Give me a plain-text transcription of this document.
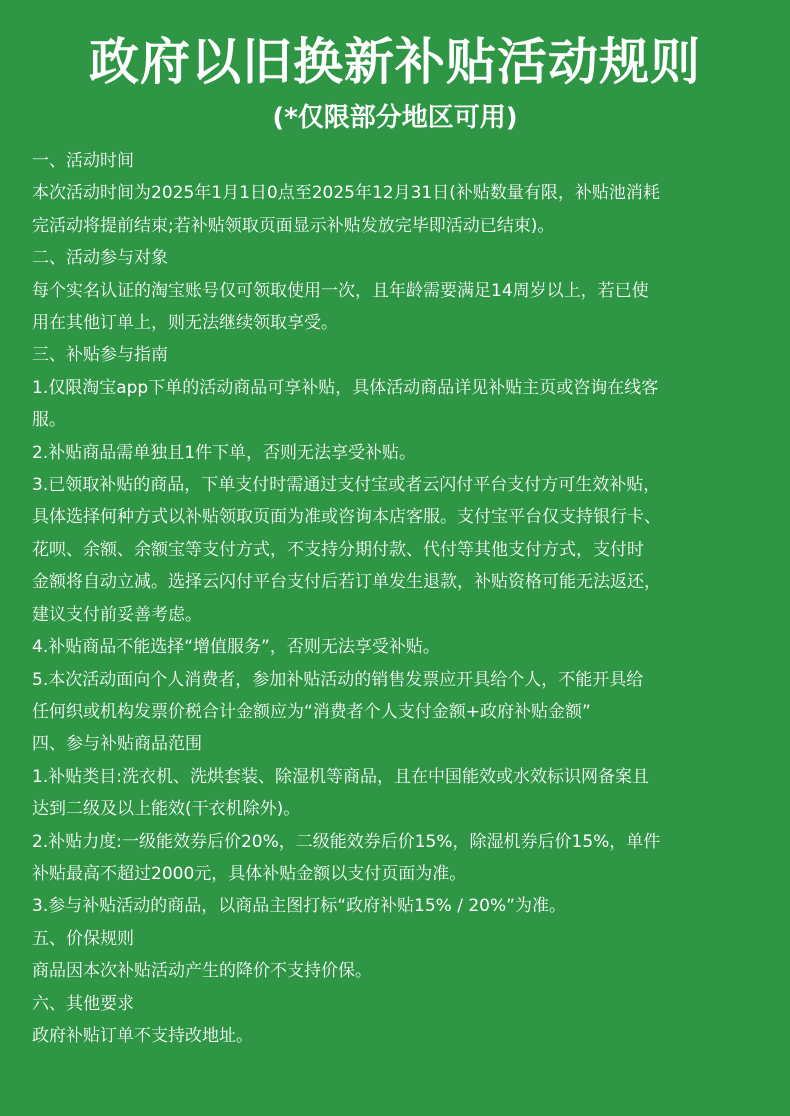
政府以旧换新补贴活动规则
(*仅限部分地区可用)
一、活动时间
本次活动时间为2025年1月1日0点至2025年12月31日(补贴数量有限，补贴池消耗
完活动将提前结束;若补贴领取页面显示补贴发放完毕即活动已结束)。
二、活动参与对象
每个实名认证的淘宝账号仅可领取使用一次，且年龄需要满足14周岁以上，若已使
用在其他订单上，则无法继续领取享受。
三、补贴参与指南
1.仅限淘宝app下单的活动商品可享补贴，具体活动商品详见补贴主页或咨询在线客
服。
2.补贴商品需单独且1件下单，否则无法享受补贴。
3.已领取补贴的商品，下单支付时需通过支付宝或者云闪付平台支付方可生效补贴，
具体选择何种方式以补贴领取页面为准或咨询本店客服。支付宝平台仅支持银行卡、
花呗、余额、余额宝等支付方式，不支持分期付款、代付等其他支付方式，支付时
金额将自动立减。选择云闪付平台支付后若订单发生退款，补贴资格可能无法返还，
建议支付前妥善考虑。
4.补贴商品不能选择“增值服务”，否则无法享受补贴。
5.本次活动面向个人消费者，参加补贴活动的销售发票应开具给个人，不能开具给
任何织或机构发票价税合计金额应为“消费者个人支付金额+政府补贴金额”
四、参与补贴商品范围
1.补贴类目:洗衣机、洗烘套装、除湿机等商品，且在中国能效或水效标识网备案且
达到二级及以上能效(干衣机除外)。
2.补贴力度:一级能效券后价20%，二级能效券后价15%，除湿机券后价15%，单件
补贴最高不超过2000元，具体补贴金额以支付页面为准。
3.参与补贴活动的商品，以商品主图打标“政府补贴15% / 20%”为准。
五、价保规则
商品因本次补贴活动产生的降价不支持价保。
六、其他要求
政府补贴订单不支持改地址。
